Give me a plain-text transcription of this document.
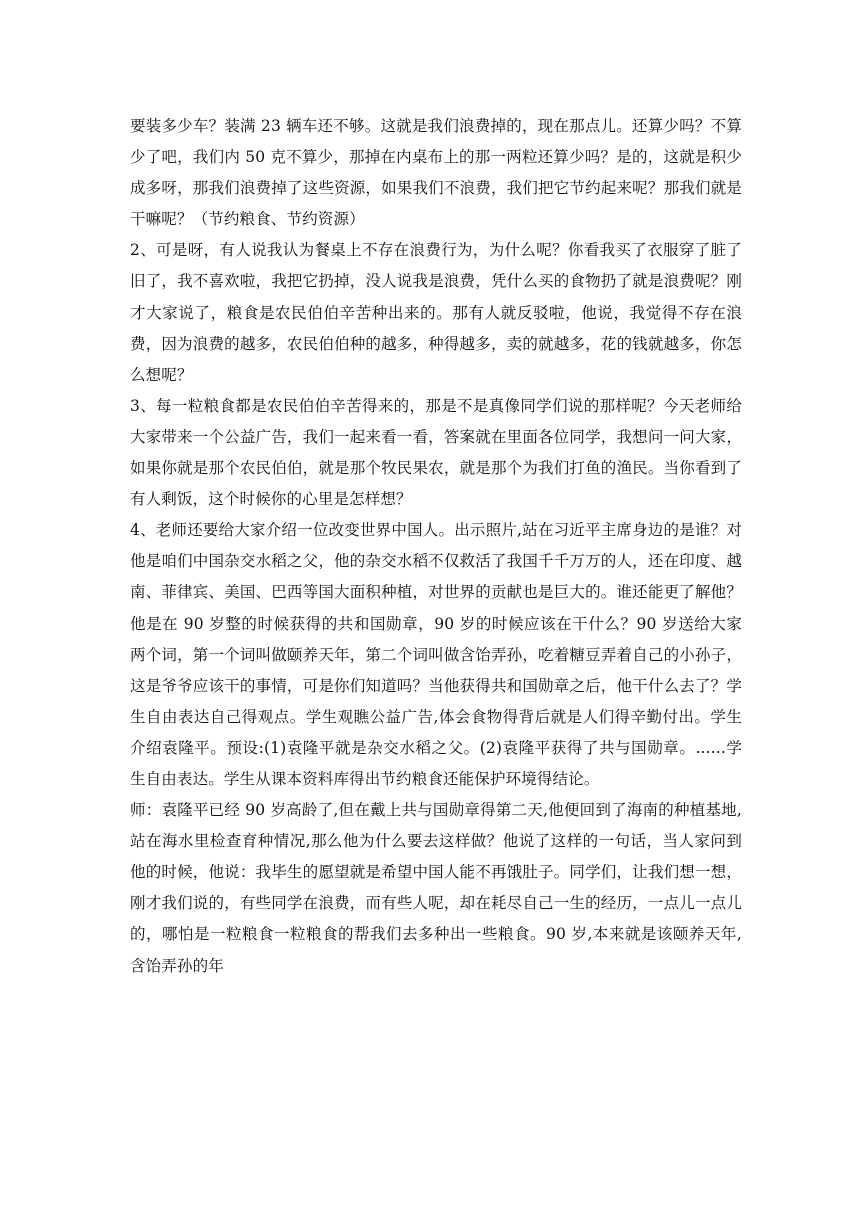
要装多少车？装满 23 辆车还不够。这就是我们浪费掉的，现在那点儿。还算少吗？不算少了吧，我们内 50 克不算少，那掉在内桌布上的那一两粒还算少吗？是的，这就是积少成多呀，那我们浪费掉了这些资源，如果我们不浪费，我们把它节约起来呢？那我们就是干嘛呢？（节约粮食、节约资源）

2、可是呀，有人说我认为餐桌上不存在浪费行为，为什么呢？你看我买了衣服穿了脏了旧了，我不喜欢啦，我把它扔掉，没人说我是浪费，凭什么买的食物扔了就是浪费呢？刚才大家说了，粮食是农民伯伯辛苦种出来的。那有人就反驳啦，他说，我觉得不存在浪费，因为浪费的越多，农民伯伯种的越多，种得越多，卖的就越多，花的钱就越多，你怎么想呢？

3、每一粒粮食都是农民伯伯辛苦得来的，那是不是真像同学们说的那样呢？今天老师给大家带来一个公益广告，我们一起来看一看，答案就在里面各位同学，我想问一问大家，如果你就是那个农民伯伯，就是那个牧民果农，就是那个为我们打鱼的渔民。当你看到了有人剩饭，这个时候你的心里是怎样想？

4、老师还要给大家介绍一位改变世界中国人。出示照片,站在习近平主席身边的是谁？对他是咱们中国杂交水稻之父，他的杂交水稻不仅救活了我国千千万万的人，还在印度、越南、菲律宾、美国、巴西等国大面积种植，对世界的贡献也是巨大的。谁还能更了解他？他是在 90 岁整的时候获得的共和国勋章，90 岁的时候应该在干什么？90 岁送给大家两个词，第一个词叫做颐养天年，第二个词叫做含饴弄孙，吃着糖豆弄着自己的小孙子，这是爷爷应该干的事情，可是你们知道吗？当他获得共和国勋章之后，他干什么去了？学生自由表达自己得观点。学生观瞧公益广告,体会食物得背后就是人们得辛勤付出。学生介绍袁隆平。预设:(1)袁隆平就是杂交水稻之父。(2)袁隆平获得了共与国勋章。......学生自由表达。学生从课本资料库得出节约粮食还能保护环境得结论。

师：袁隆平已经 90 岁高龄了,但在戴上共与国勋章得第二天,他便回到了海南的种植基地,站在海水里检查育种情况,那么他为什么要去这样做？他说了这样的一句话，当人家问到他的时候，他说：我毕生的愿望就是希望中国人能不再饿肚子。同学们，让我们想一想，刚才我们说的，有些同学在浪费，而有些人呢，却在耗尽自己一生的经历，一点儿一点儿的，哪怕是一粒粮食一粒粮食的帮我们去多种出一些粮食。90 岁,本来就是该颐养天年,含饴弄孙的年
